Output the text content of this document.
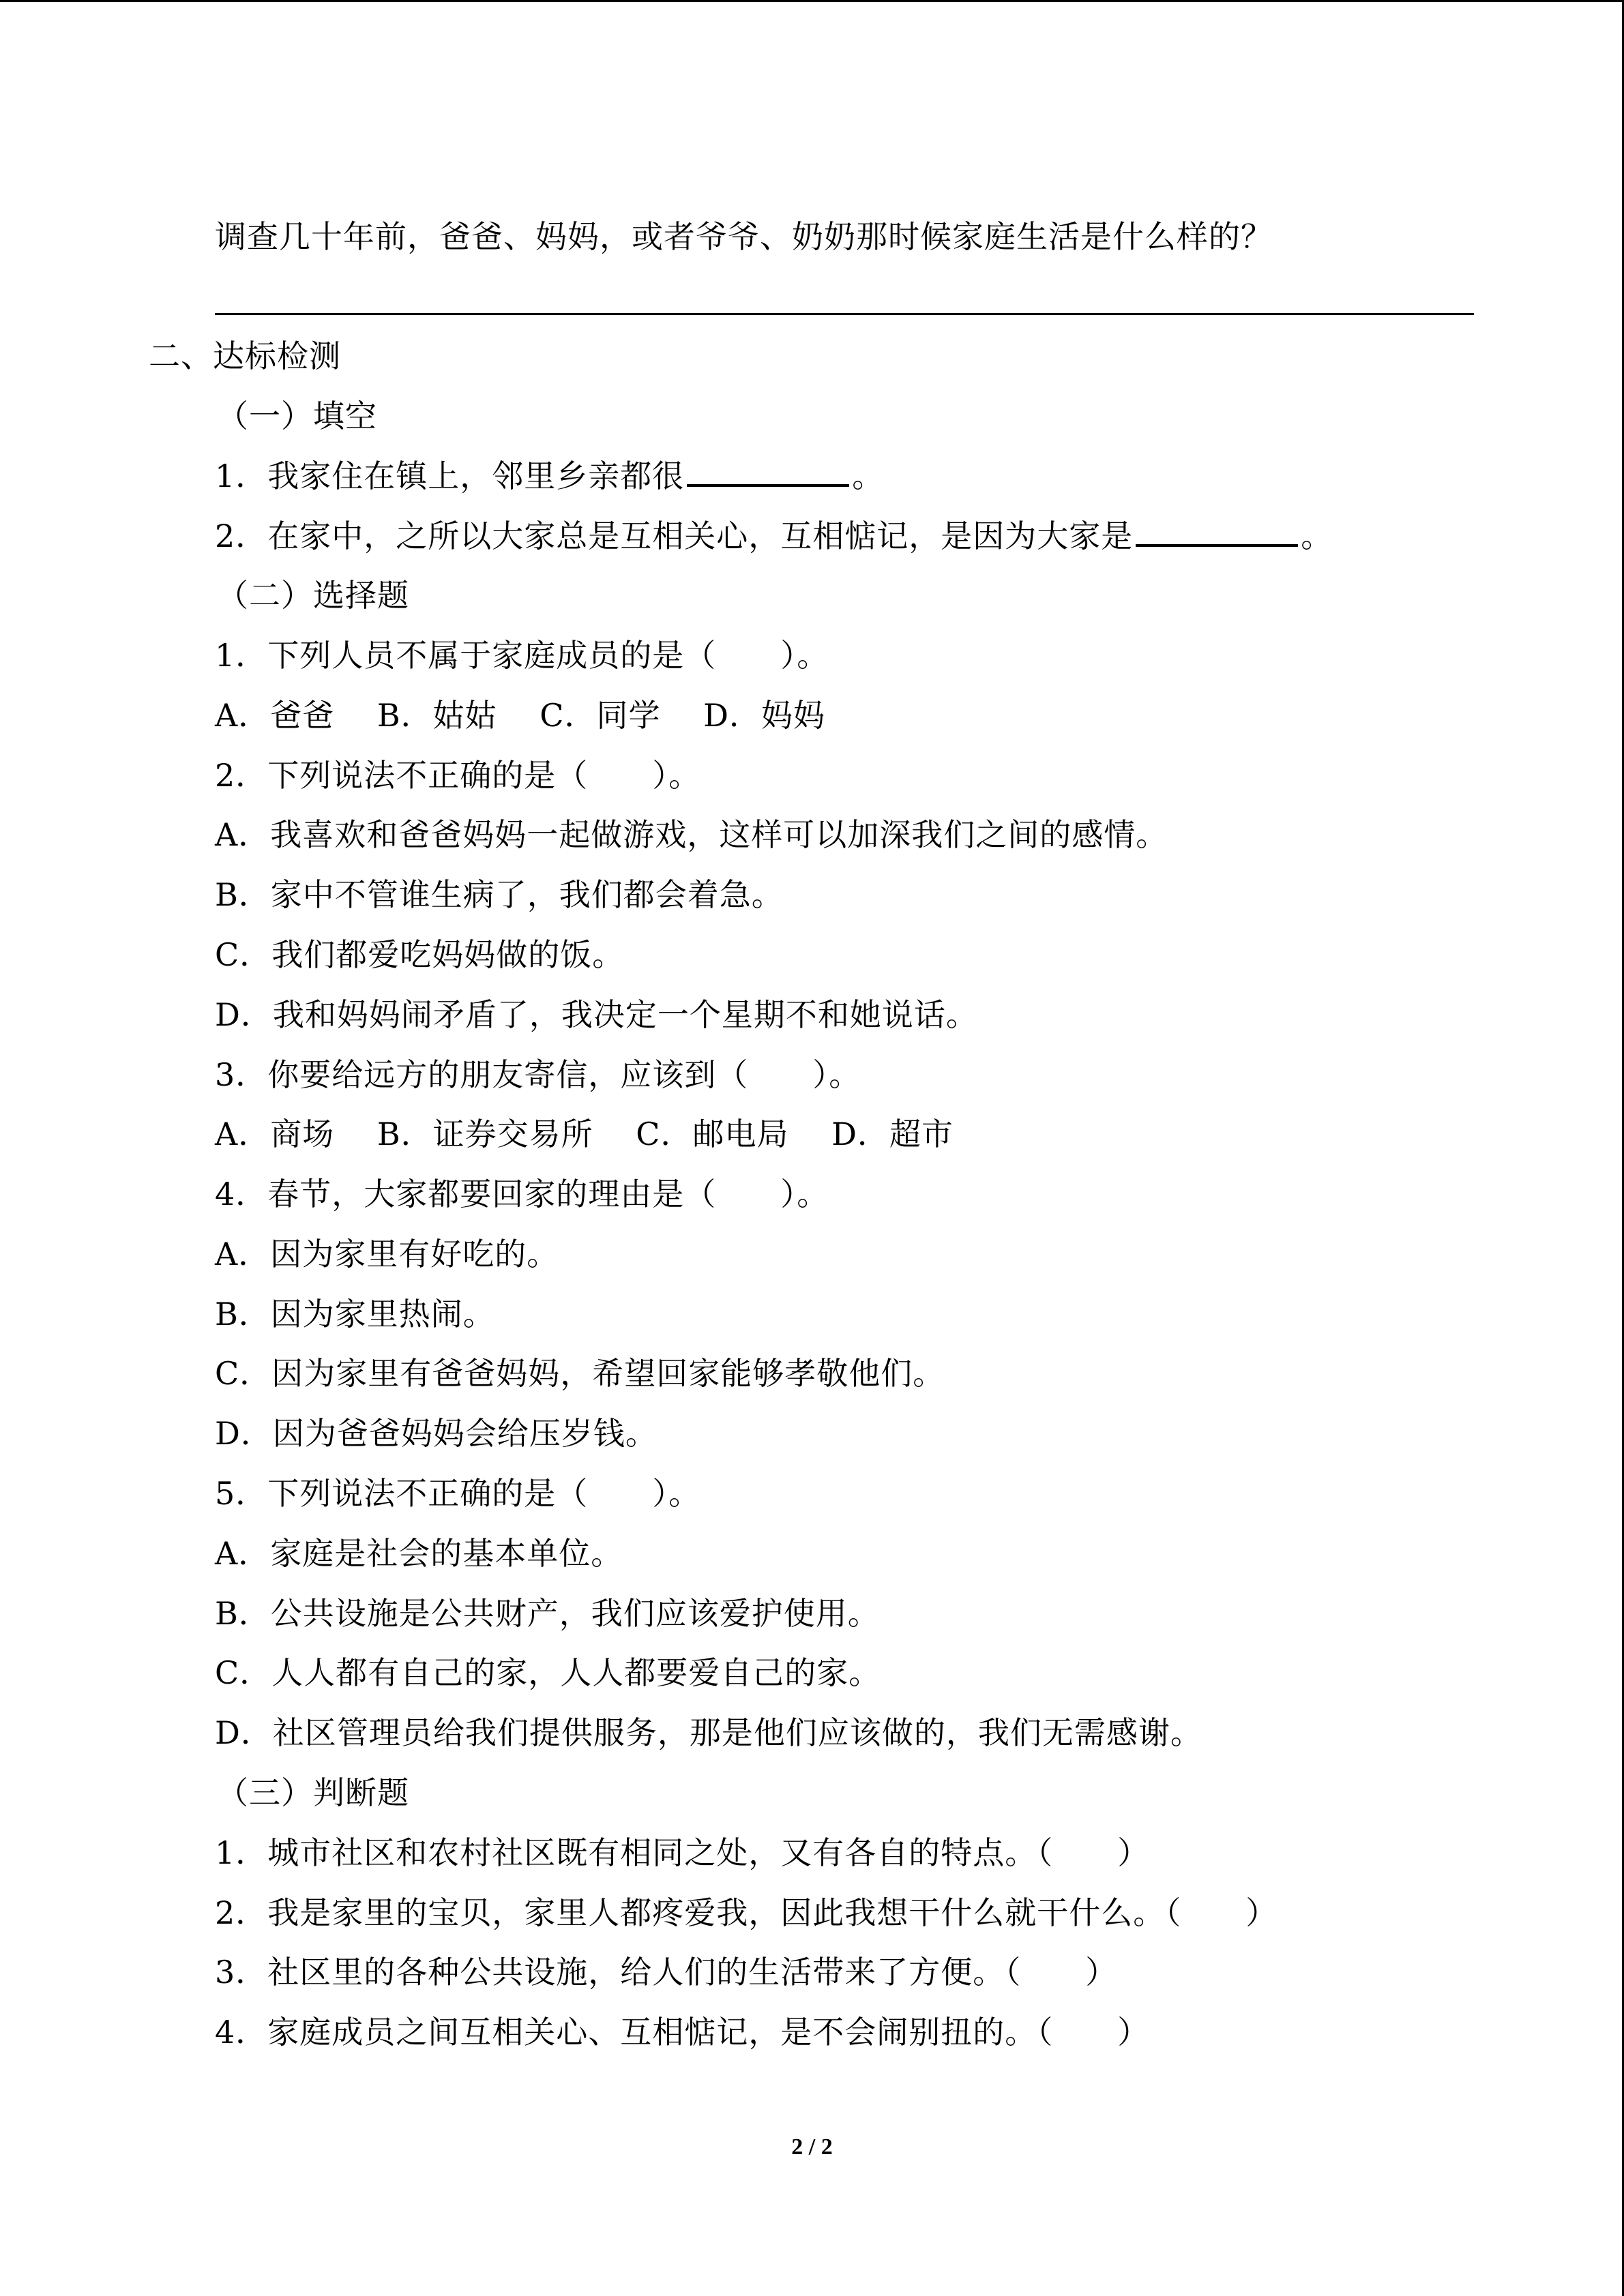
调查几十年前，爸爸、妈妈，或者爷爷、奶奶那时候家庭生活是什么样的？
二、达标检测
（一）填空
1．我家住在镇上，邻里乡亲都很	。
2．在家中，之所以大家总是互相关心，互相惦记，是因为大家是	。
（二）选择题
1．下列人员不属于家庭成员的是（　　）。
A．爸爸　 B．姑姑　 C．同学　 D．妈妈
2．下列说法不正确的是（　　）。
A．我喜欢和爸爸妈妈一起做游戏，这样可以加深我们之间的感情。
B．家中不管谁生病了，我们都会着急。
C．我们都爱吃妈妈做的饭。
D．我和妈妈闹矛盾了，我决定一个星期不和她说话。
3．你要给远方的朋友寄信，应该到（　　）。
A．商场　 B．证券交易所　 C．邮电局　 D．超市
4．春节，大家都要回家的理由是（　　）。
A．因为家里有好吃的。
B．因为家里热闹。
C．因为家里有爸爸妈妈，希望回家能够孝敬他们。
D．因为爸爸妈妈会给压岁钱。
5．下列说法不正确的是（　　）。
A．家庭是社会的基本单位。
B．公共设施是公共财产，我们应该爱护使用。
C．人人都有自己的家，人人都要爱自己的家。
D．社区管理员给我们提供服务，那是他们应该做的，我们无需感谢。
（三）判断题
1．城市社区和农村社区既有相同之处，又有各自的特点。（　　）
2．我是家里的宝贝，家里人都疼爱我，因此我想干什么就干什么。（　　）
3．社区里的各种公共设施，给人们的生活带来了方便。（　　）
4．家庭成员之间互相关心、互相惦记，是不会闹别扭的。（　　）
2 / 2
